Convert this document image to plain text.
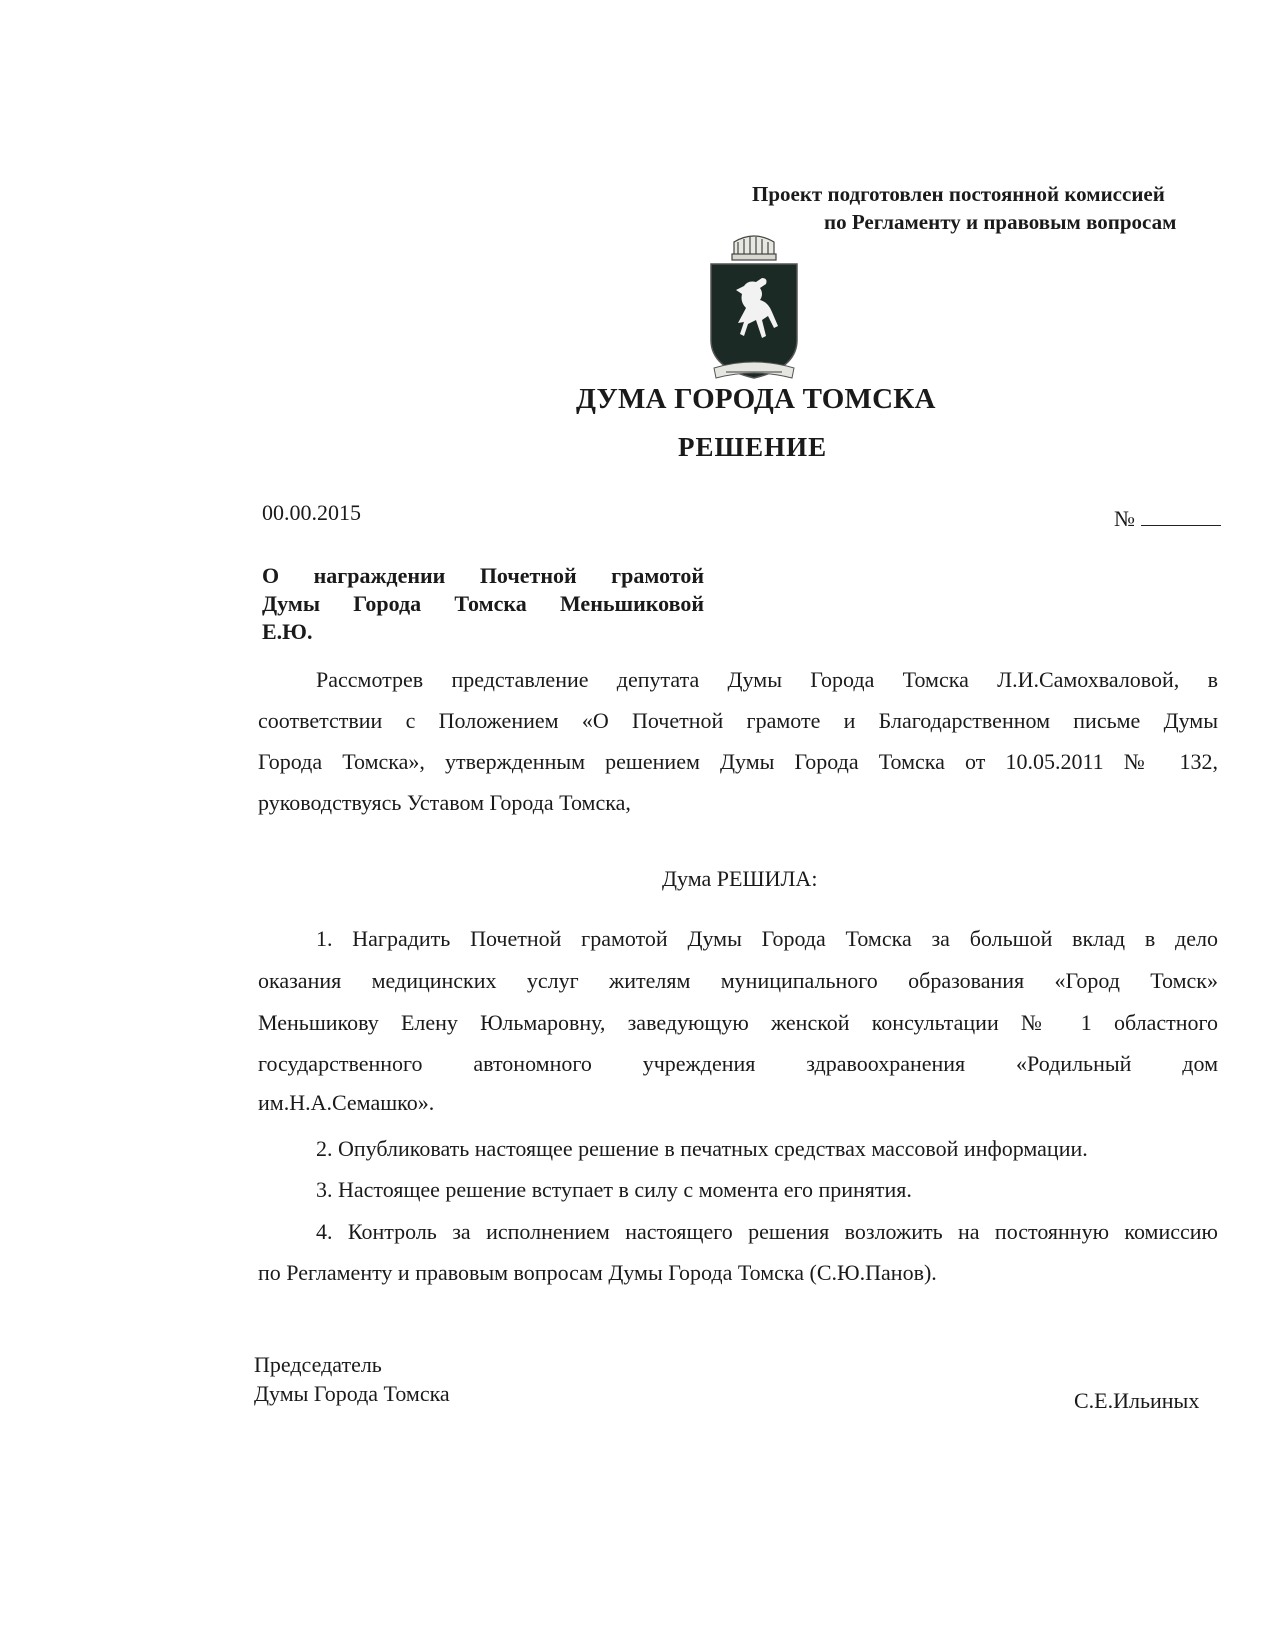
Проект подготовлен постоянной комиссией
по Регламенту и правовым вопросам
ДУМА ГОРОДА ТОМСКА
РЕШЕНИЕ
00.00.2015	№
О награждении Почетной грамотой
Думы Города Томска Меньшиковой
Е.Ю.
Рассмотрев представление депутата Думы Города Томска Л.И.Самохваловой, в
соответствии с Положением «О Почетной грамоте и Благодарственном письме Думы
Города Томска», утвержденным решением Думы Города Томска от 10.05.2011 № 132,
руководствуясь Уставом Города Томска,
Дума РЕШИЛА:
1. Наградить Почетной грамотой Думы Города Томска за большой вклад в дело
оказания медицинских услуг жителям муниципального образования «Город Томск»
Меньшикову Елену Юльмаровну, заведующую женской консультации № 1 областного
государственного автономного учреждения здравоохранения «Родильный дом
им.Н.А.Семашко».
2. Опубликовать настоящее решение в печатных средствах массовой информации.
3. Настоящее решение вступает в силу с момента его принятия.
4. Контроль за исполнением настоящего решения возложить на постоянную комиссию
по Регламенту и правовым вопросам Думы Города Томска (С.Ю.Панов).
Председатель
Думы Города Томска	С.Е.Ильиных
